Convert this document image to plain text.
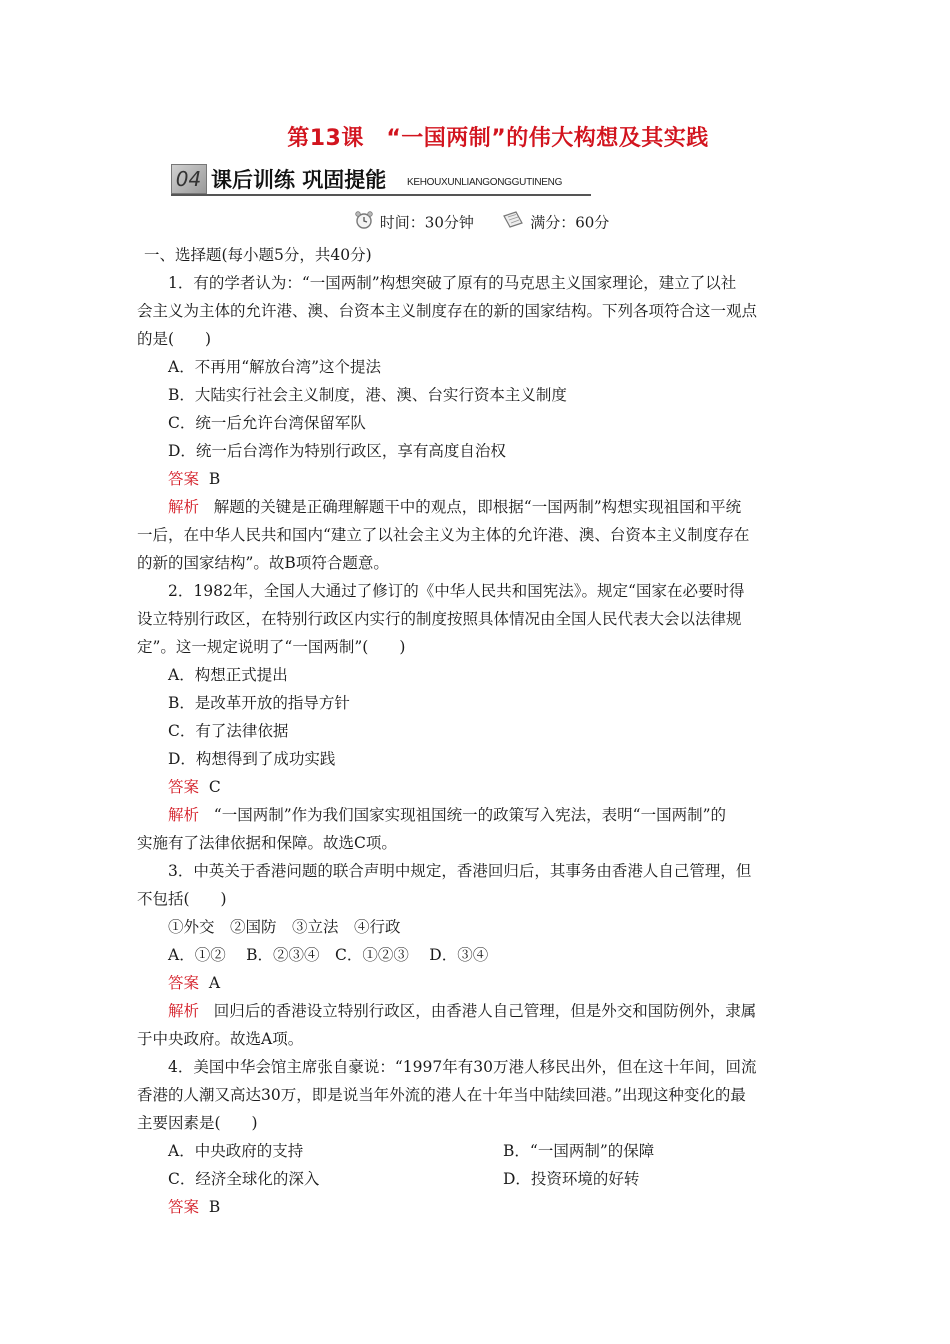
第13课　“一国两制”的伟大构想及其实践
04 课后训练 巩固提能 KEHOUXUNLIANGONGGUTINENG
时间：30分钟	满分：60分
一、选择题(每小题5分，共40分)
1．有的学者认为：“一国两制”构想突破了原有的马克思主义国家理论，建立了以社
会主义为主体的允许港、澳、台资本主义制度存在的新的国家结构。下列各项符合这一观点
的是(　　)
A．不再用“解放台湾”这个提法
B．大陆实行社会主义制度，港、澳、台实行资本主义制度
C．统一后允许台湾保留军队
D．统一后台湾作为特别行政区，享有高度自治权
答案 B
解析 解题的关键是正确理解题干中的观点，即根据“一国两制”构想实现祖国和平统
一后，在中华人民共和国内“建立了以社会主义为主体的允许港、澳、台资本主义制度存在
的新的国家结构”。故B项符合题意。
2．1982年，全国人大通过了修订的《中华人民共和国宪法》。规定“国家在必要时得
设立特别行政区，在特别行政区内实行的制度按照具体情况由全国人民代表大会以法律规
定”。这一规定说明了“一国两制”(　　)
A．构想正式提出
B．是改革开放的指导方针
C．有了法律依据
D．构想得到了成功实践
答案 C
解析 “一国两制”作为我们国家实现祖国统一的政策写入宪法，表明“一国两制”的
实施有了法律依据和保障。故选C项。
3．中英关于香港问题的联合声明中规定，香港回归后，其事务由香港人自己管理，但
不包括(　　)
①外交　②国防　③立法　④行政
A．①②　 B．②③④　C．①②③　 D．③④
答案 A
解析 回归后的香港设立特别行政区，由香港人自己管理，但是外交和国防例外，隶属
于中央政府。故选A项。
4．美国中华会馆主席张自豪说：“1997年有30万港人移民出外，但在这十年间，回流
香港的人潮又高达30万，即是说当年外流的港人在十年当中陆续回港。”出现这种变化的最
主要因素是(　　)
A．中央政府的支持	B．“一国两制”的保障
C．经济全球化的深入	D．投资环境的好转
答案 B
